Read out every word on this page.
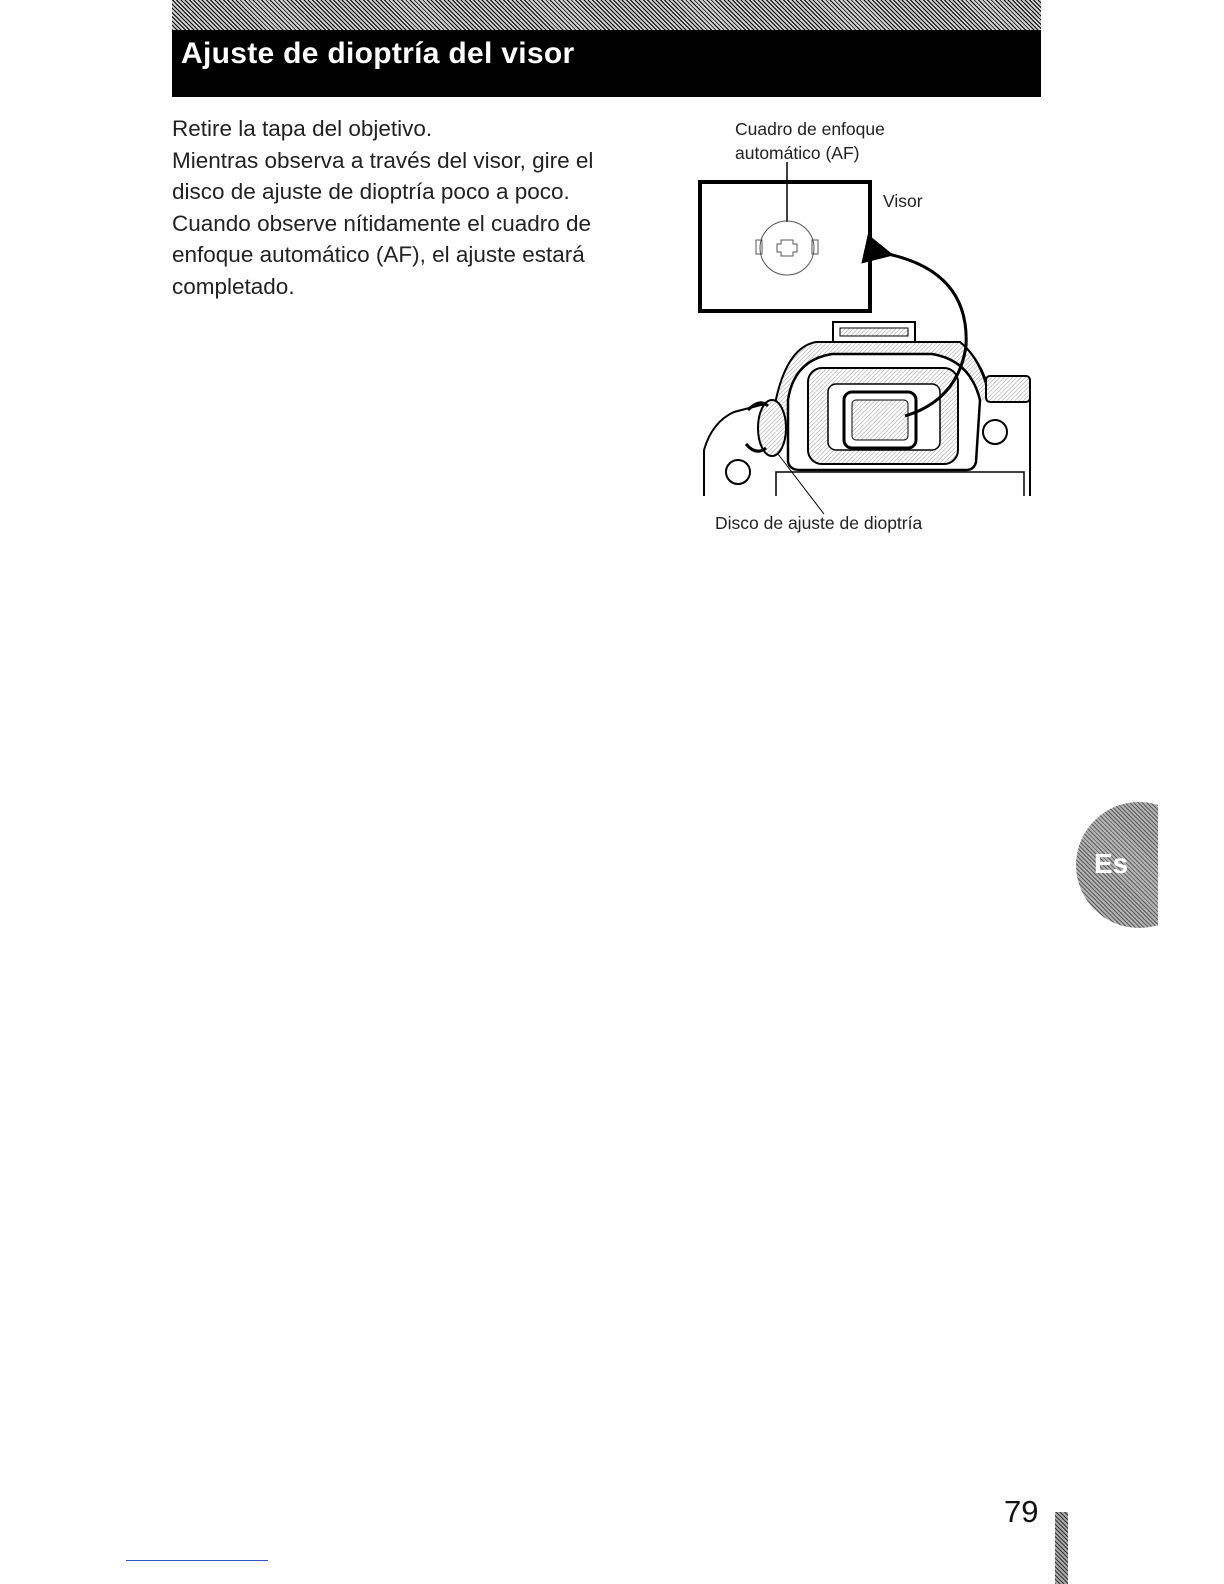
Ajuste de dioptría del visor

Retire la tapa del objetivo.

Mientras observa a través del visor, gire el disco de ajuste de dioptría poco a poco. Cuando observe nítidamente el cuadro de enfoque automático (AF), el ajuste estará completado.

Cuadro de enfoque
automático (AF)
Visor
Disco de ajuste de dioptría
Es
79
